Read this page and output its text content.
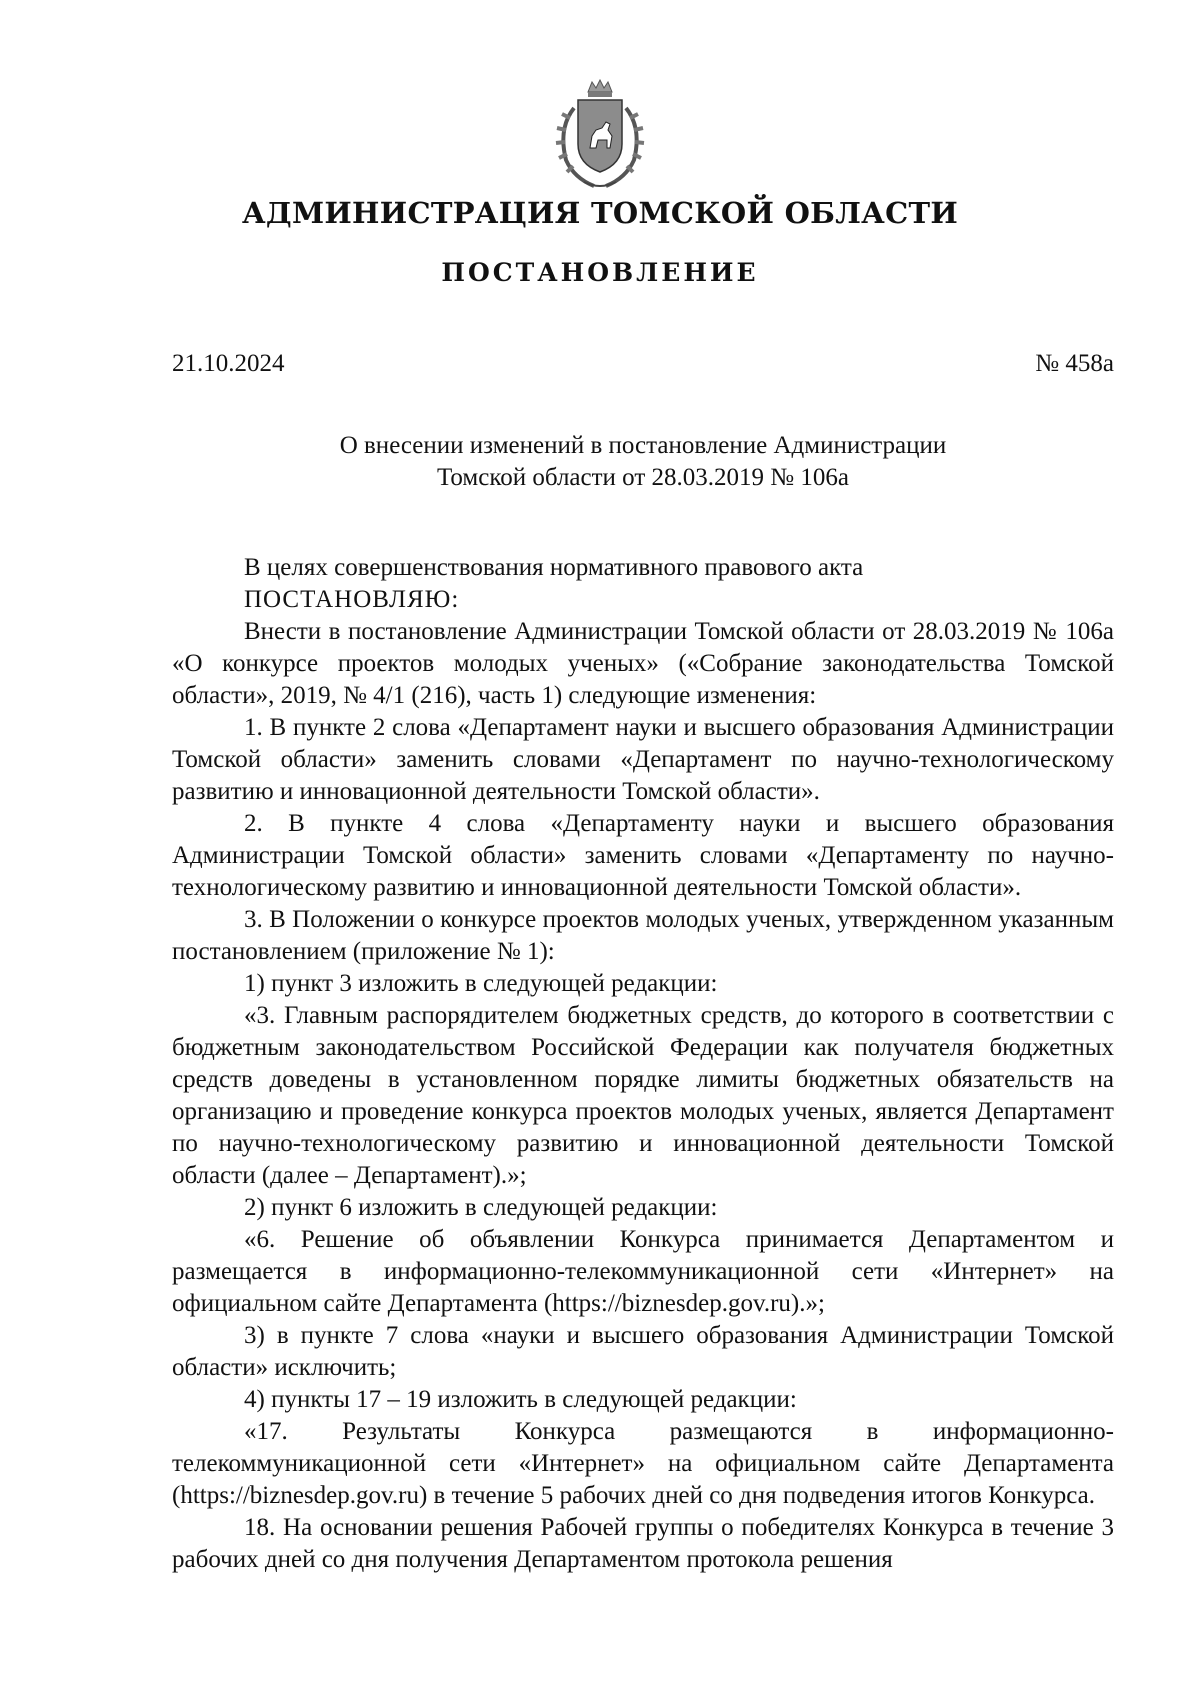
АДМИНИСТРАЦИЯ ТОМСКОЙ ОБЛАСТИ
ПОСТАНОВЛЕНИЕ
21.10.2024	№ 458а
О внесении изменений в постановление Администрации
Томской области от 28.03.2019 № 106а

В целях совершенствования нормативного правового акта

ПОСТАНОВЛЯЮ:

Внести в постановление Администрации Томской области от 28.03.2019 № 106а «О конкурсе проектов молодых ученых» («Собрание законодательства Томской области», 2019, № 4/1 (216), часть 1) следующие изменения:

1. В пункте 2 слова «Департамент науки и высшего образования Администрации Томской области» заменить словами «Департамент по научно-технологическому развитию и инновационной деятельности Томской области».

2. В пункте 4 слова «Департаменту науки и высшего образования Администрации Томской области» заменить словами «Департаменту по научно-технологическому развитию и инновационной деятельности Томской области».

3. В Положении о конкурсе проектов молодых ученых, утвержденном указанным постановлением (приложение № 1):

1) пункт 3 изложить в следующей редакции:

«3. Главным распорядителем бюджетных средств, до которого в соответствии с бюджетным законодательством Российской Федерации как получателя бюджетных средств доведены в установленном порядке лимиты бюджетных обязательств на организацию и проведение конкурса проектов молодых ученых, является Департамент по научно-технологическому развитию и инновационной деятельности Томской области (далее – Департамент).»;

2) пункт 6 изложить в следующей редакции:

«6. Решение об объявлении Конкурса принимается Департаментом и размещается в информационно-телекоммуникационной сети «Интернет» на официальном сайте Департамента (https://biznesdep.gov.ru).»;

3) в пункте 7 слова «науки и высшего образования Администрации Томской области» исключить;

4) пункты 17 – 19 изложить в следующей редакции:

«17. Результаты Конкурса размещаются в информационно-телекоммуникационной сети «Интернет» на официальном сайте Департамента (https://biznesdep.gov.ru) в течение 5 рабочих дней со дня подведения итогов Конкурса.

18. На основании решения Рабочей группы о победителях Конкурса в течение 3 рабочих дней со дня получения Департаментом протокола решения
